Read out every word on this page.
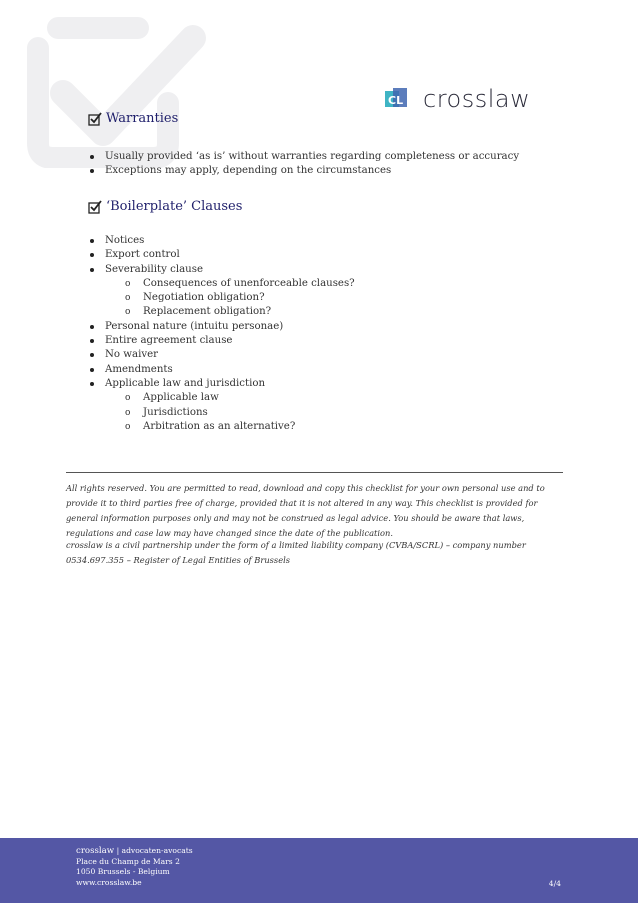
CL crosslaw
Warranties
Usually provided ‘as is’ without warranties regarding completeness or accuracy
Exceptions may apply, depending on the circumstances
‘Boilerplate’ Clauses
Notices
Export control
Severability clause
o Consequences of unenforceable clauses?
o Negotiation obligation?
o Replacement obligation?
Personal nature (intuitu personae)
Entire agreement clause
No waiver
Amendments
Applicable law and jurisdiction
o Applicable law
o Jurisdictions
o Arbitration as an alternative?
All rights reserved. You are permitted to read, download and copy this checklist for your own personal use and to provide it to third parties free of charge, provided that it is not altered in any way. This checklist is provided for general information purposes only and may not be construed as legal advice. You should be aware that laws, regulations and case law may have changed since the date of the publication.
crosslaw is a civil partnership under the form of a limited liability company (CVBA/SCRL) – company number 0534.697.355 – Register of Legal Entities of Brussels
crosslaw | advocaten-avocats
Place du Champ de Mars 2
1050 Brussels - Belgium
www.crosslaw.be	4/4
